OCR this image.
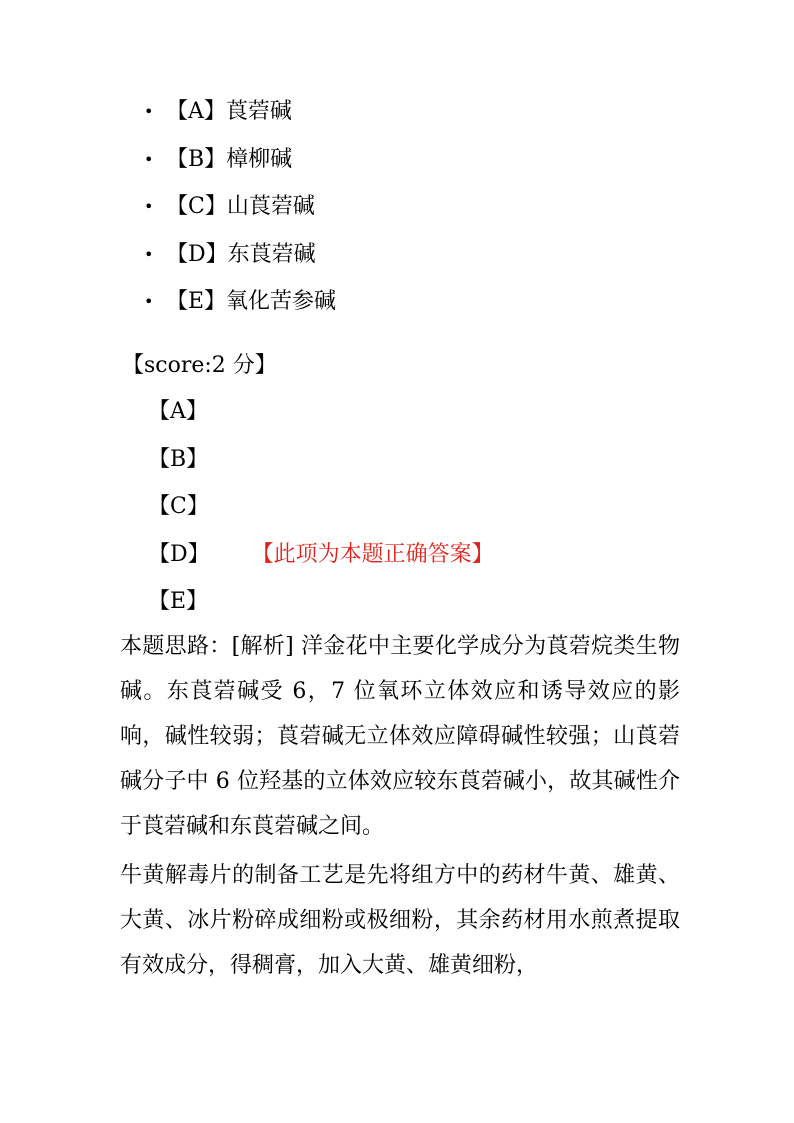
• 【A】莨菪碱
• 【B】樟柳碱
• 【C】山莨菪碱
• 【D】东莨菪碱
• 【E】氧化苦参碱
【score:2 分】
【A】
【B】
【C】
【D】 【此项为本题正确答案】
【E】

本题思路：[解析] 洋金花中主要化学成分为莨菪烷类生物碱。东莨菪碱受 6，7 位氧环立体效应和诱导效应的影响，碱性较弱；莨菪碱无立体效应障碍碱性较强；山莨菪碱分子中 6 位羟基的立体效应较东莨菪碱小，故其碱性介于莨菪碱和东莨菪碱之间。

牛黄解毒片的制备工艺是先将组方中的药材牛黄、雄黄、大黄、冰片粉碎成细粉或极细粉，其余药材用水煎煮提取有效成分，得稠膏，加入大黄、雄黄细粉，
